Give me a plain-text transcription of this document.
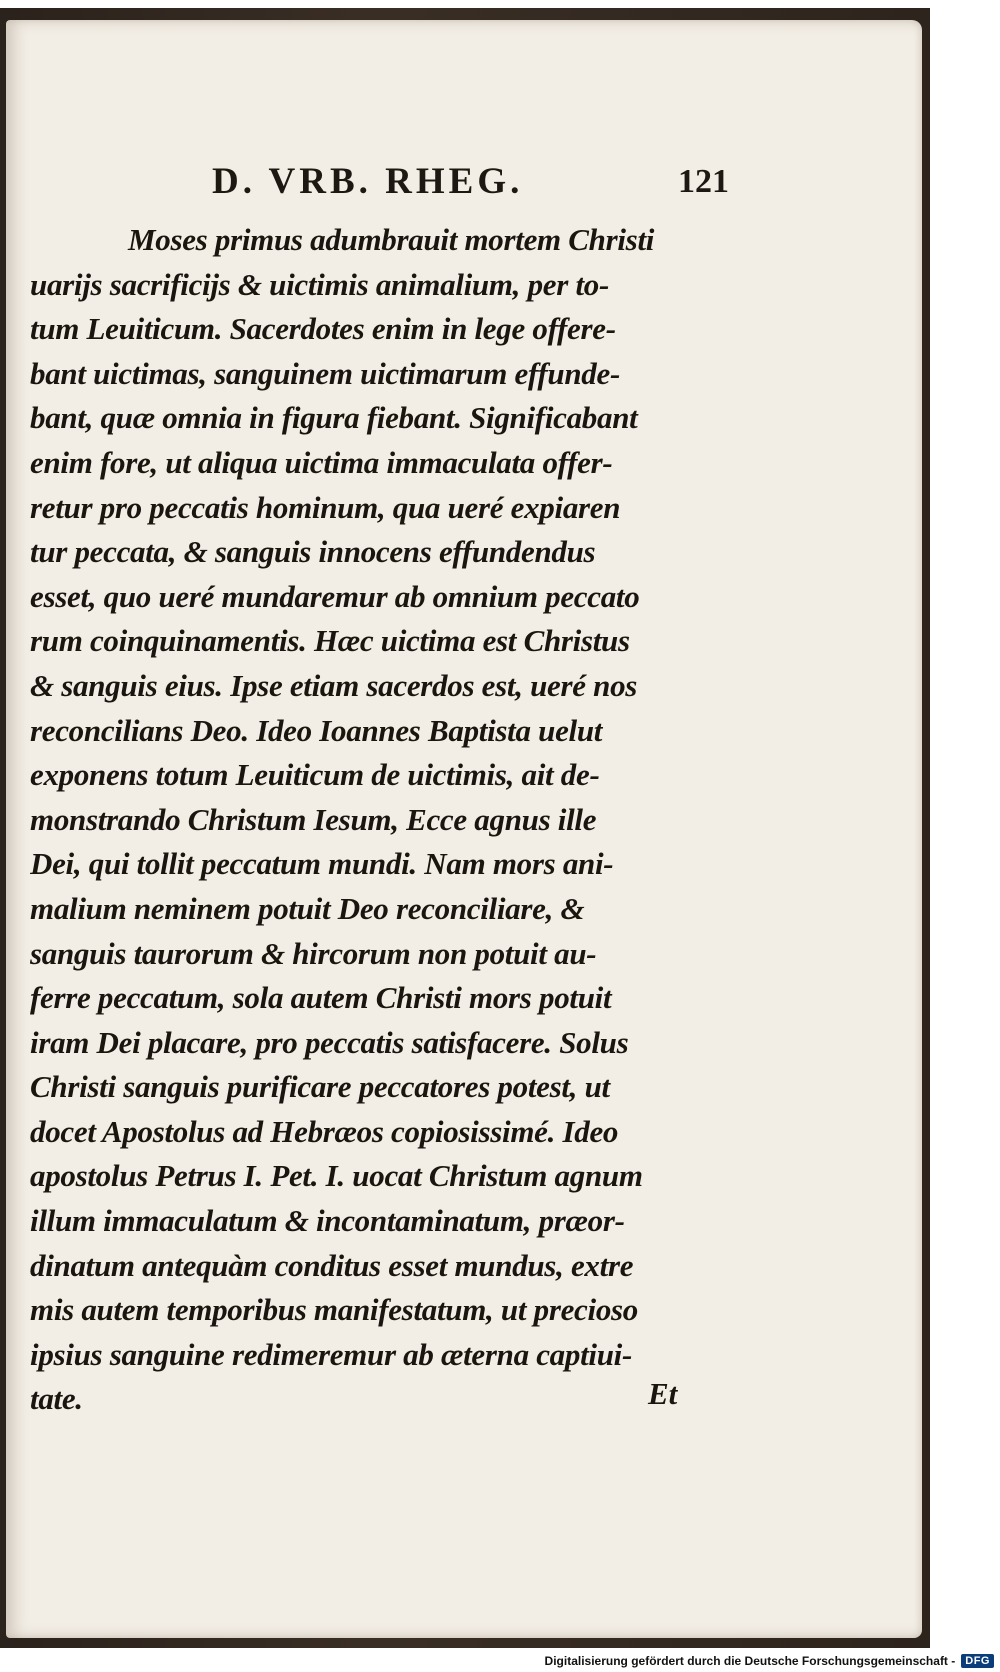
D. VRB. RHEG.	121
Moses primus adumbrauit mortem Christi
uarijs sacrificijs & uictimis animalium, per to-
tum Leuiticum. Sacerdotes enim in lege offere-
bant uictimas, sanguinem uictimarum effunde-
bant, quæ omnia in figura fiebant. Significabant
enim fore, ut aliqua uictima immaculata offer-
retur pro peccatis hominum, qua ueré expiaren
tur peccata, & sanguis innocens effundendus
esset, quo ueré mundaremur ab omnium peccato
rum coinquinamentis. Hæc uictima est Christus
& sanguis eius. Ipse etiam sacerdos est, ueré nos
reconcilians Deo. Ideo Ioannes Baptista uelut
exponens totum Leuiticum de uictimis, ait de-
monstrando Christum Iesum, Ecce agnus ille
Dei, qui tollit peccatum mundi. Nam mors ani-
malium neminem potuit Deo reconciliare, &
sanguis taurorum & hircorum non potuit au-
ferre peccatum, sola autem Christi mors potuit
iram Dei placare, pro peccatis satisfacere. Solus
Christi sanguis purificare peccatores potest, ut
docet Apostolus ad Hebræos copiosissimé. Ideo
apostolus Petrus I. Pet. I. uocat Christum agnum
illum immaculatum & incontaminatum, præor-
dinatum antequàm conditus esset mundus, extre
mis autem temporibus manifestatum, ut precioso
ipsius sanguine redimeremur ab æterna captiui-
tate.	Et
Digitalisierung gefördert durch die Deutsche Forschungsgemeinschaft - DFG
